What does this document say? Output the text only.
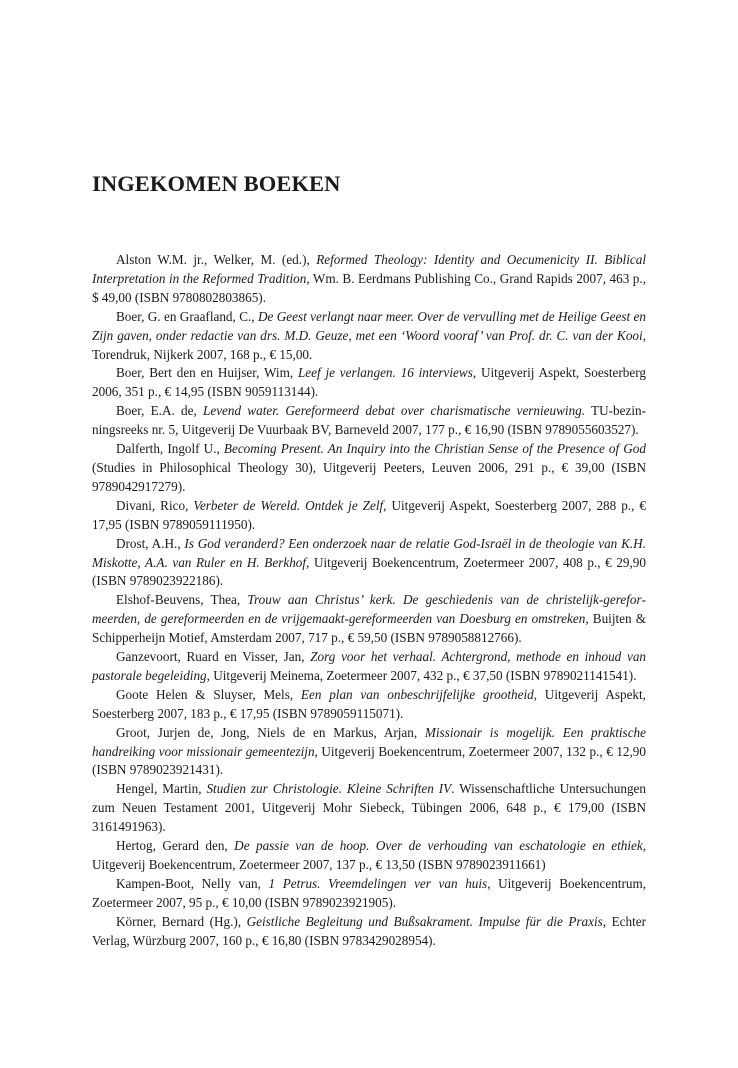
INGEKOMEN BOEKEN
Alston W.M. jr., Welker, M. (ed.), Reformed Theology: Identity and Oecumenicity II. Biblical Interpretation in the Reformed Tradition, Wm. B. Eerdmans Publishing Co., Grand Rapids 2007, 463 p., $ 49,00 (ISBN 9780802803865).
Boer, G. en Graafland, C., De Geest verlangt naar meer. Over de vervulling met de Heilige Geest en Zijn gaven, onder redactie van drs. M.D. Geuze, met een ‘Woord vooraf’ van Prof. dr. C. van der Kooi, Torendruk, Nijkerk 2007, 168 p., € 15,00.
Boer, Bert den en Huijser, Wim, Leef je verlangen. 16 interviews, Uitgeverij Aspekt, Soesterberg 2006, 351 p., € 14,95 (ISBN 9059113144).
Boer, E.A. de, Levend water. Gereformeerd debat over charismatische vernieuwing. TU-bezinningsreeks nr. 5, Uitgeverij De Vuurbaak BV, Barneveld 2007, 177 p., € 16,90 (ISBN 9789055603527).
Dalferth, Ingolf U., Becoming Present. An Inquiry into the Christian Sense of the Presence of God (Studies in Philosophical Theology 30), Uitgeverij Peeters, Leuven 2006, 291 p., € 39,00 (ISBN 9789042917279).
Divani, Rico, Verbeter de Wereld. Ontdek je Zelf, Uitgeverij Aspekt, Soesterberg 2007, 288 p., € 17,95 (ISBN 9789059111950).
Drost, A.H., Is God veranderd? Een onderzoek naar de relatie God-Israël in de theologie van K.H. Miskotte, A.A. van Ruler en H. Berkhof, Uitgeverij Boekencentrum, Zoetermeer 2007, 408 p., € 29,90 (ISBN 9789023922186).
Elshof-Beuvens, Thea, Trouw aan Christus’ kerk. De geschiedenis van de christelijk-gereformeerden, de gereformeerden en de vrijgemaakt-gereformeerden van Doesburg en omstreken, Buijten & Schipperheijn Motief, Amsterdam 2007, 717 p., € 59,50 (ISBN 9789058812766).
Ganzevoort, Ruard en Visser, Jan, Zorg voor het verhaal. Achtergrond, methode en inhoud van pastorale begeleiding, Uitgeverij Meinema, Zoetermeer 2007, 432 p., € 37,50 (ISBN 9789021141541).
Goote Helen & Sluyser, Mels, Een plan van onbeschrijfelijke grootheid, Uitgeverij Aspekt, Soesterberg 2007, 183 p., € 17,95 (ISBN 9789059115071).
Groot, Jurjen de, Jong, Niels de en Markus, Arjan, Missionair is mogelijk. Een praktische handreiking voor missionair gemeentezijn, Uitgeverij Boekencentrum, Zoetermeer 2007, 132 p., € 12,90 (ISBN 9789023921431).
Hengel, Martin, Studien zur Christologie. Kleine Schriften IV. Wissenschaftliche Untersuchungen zum Neuen Testament 2001, Uitgeverij Mohr Siebeck, Tübingen 2006, 648 p., € 179,00 (ISBN 3161491963).
Hertog, Gerard den, De passie van de hoop. Over de verhouding van eschatologie en ethiek, Uitgeverij Boekencentrum, Zoetermeer 2007, 137 p., € 13,50 (ISBN 9789023911661)
Kampen-Boot, Nelly van, 1 Petrus. Vreemdelingen ver van huis, Uitgeverij Boekencentrum, Zoetermeer 2007, 95 p., € 10,00 (ISBN 9789023921905).
Körner, Bernard (Hg.), Geistliche Begleitung und Bußsakrament. Impulse für die Praxis, Echter Verlag, Würzburg 2007, 160 p., € 16,80 (ISBN 9783429028954).
